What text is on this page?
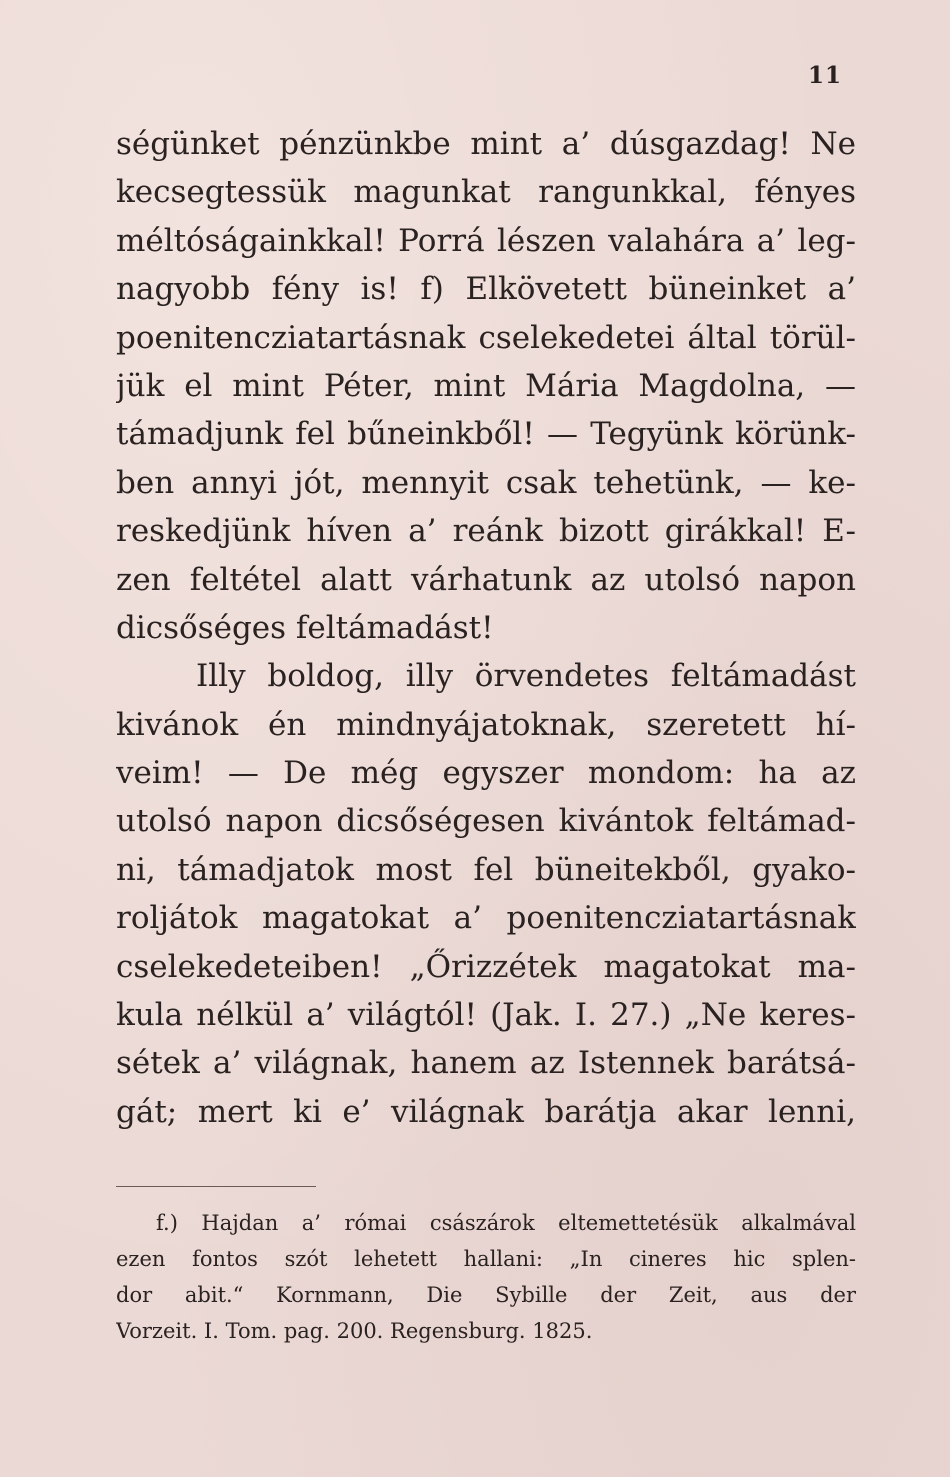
11
ségünket pénzünkbe mint a’ dúsgazdag! Ne
kecsegtessük magunkat rangunkkal, fényes
méltóságainkkal! Porrá lészen valahára a’ leg-
nagyobb fény is! f) Elkövetett büneinket a’
poenitencziatartásnak cselekedetei által törül-
jük el mint Péter, mint Mária Magdolna, —
támadjunk fel bűneinkből! — Tegyünk körünk-
ben annyi jót, mennyit csak tehetünk, — ke-
reskedjünk híven a’ reánk bizott girákkal! E-
zen feltétel alatt várhatunk az utolsó napon
dicsőséges feltámadást!
Illy boldog, illy örvendetes feltámadást
kivánok én mindnyájatoknak, szeretett hí-
veim! — De még egyszer mondom: ha az
utolsó napon dicsőségesen kivántok feltámad-
ni, támadjatok most fel büneitekből, gyako-
roljátok magatokat a’ poenitencziatartásnak
cselekedeteiben! „Őrizzétek magatokat ma-
kula nélkül a’ világtól! (Jak. I. 27.) „Ne keres-
sétek a’ világnak, hanem az Istennek barátsá-
gát; mert ki e’ világnak barátja akar lenni,
f.) Hajdan a’ római császárok eltemettetésük alkalmával
ezen fontos szót lehetett hallani: „In cineres hic splen-
dor abit.“ Kornmann, Die Sybille der Zeit, aus der
Vorzeit. I. Tom. pag. 200. Regensburg. 1825.
